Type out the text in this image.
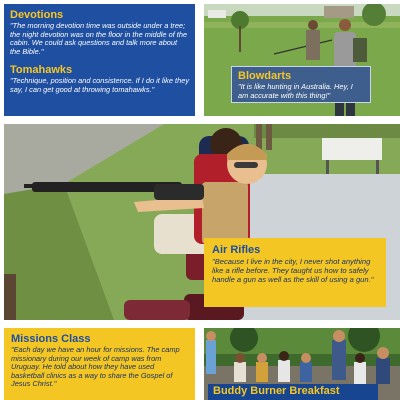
Devotions

"The morning devotion time was outside under a tree; the night devotion was on the floor in the middle of the cabin. We could ask questions and talk more about the Bible."

Tomahawks

"Technique, position and consistence. If I do it like they say, I can get good at throwing tomahawks."

Blowdarts

"It is like hunting in Australia. Hey, I am accurate with this thing!"

Air Rifles

"Because I live in the city, I never shot anything like a rifle before. They taught us how to safely handle a gun as well as the skill of using a gun."

Missions Class

"Each day we have an hour for missions. The camp missionary during our week of camp was from Uruguay. He told about how they have used basketball clinics as a way to share the Gospel of Jesus Christ."

Buddy Burner Breakfast
